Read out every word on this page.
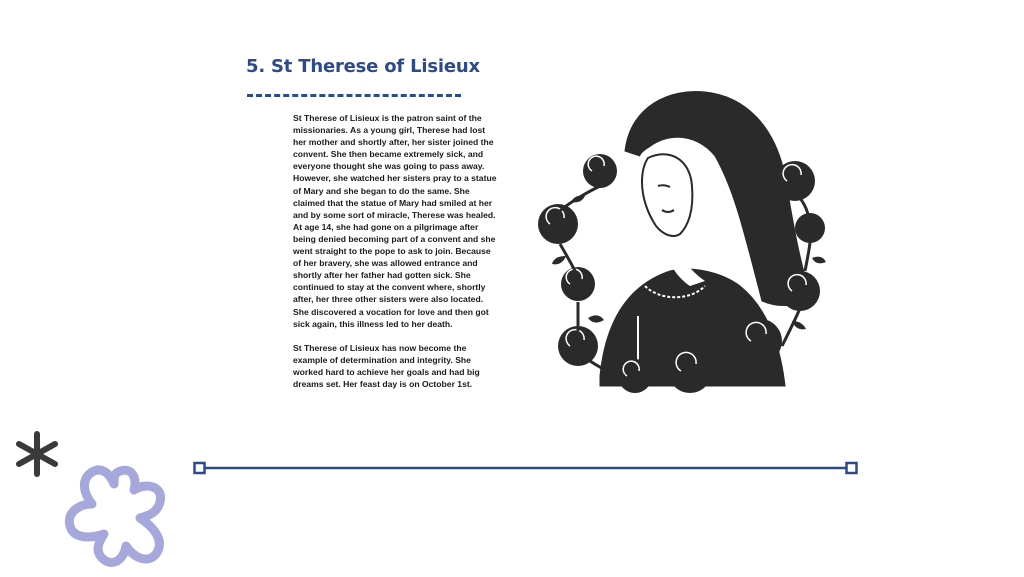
5. St Therese of Lisieux

St Therese of Lisieux is the patron saint of the missionaries. As a young girl, Therese had lost her mother and shortly after, her sister joined the convent. She then became extremely sick, and everyone thought she was going to pass away. However, she watched her sisters pray to a statue of Mary and she began to do the same. She claimed that the statue of Mary had smiled at her and by some sort of miracle, Therese was healed. At age 14, she had gone on a pilgrimage after being denied becoming part of a convent and she went straight to the pope to ask to join. Because of her bravery, she was allowed entrance and shortly after her father had gotten sick. She continued to stay at the convent where, shortly after, her three other sisters were also located. She discovered a vocation for love and then got sick again, this illness led to her death.

St Therese of Lisieux has now become the example of determination and integrity. She worked hard to achieve her goals and had big dreams set. Her feast day is on October 1st.
